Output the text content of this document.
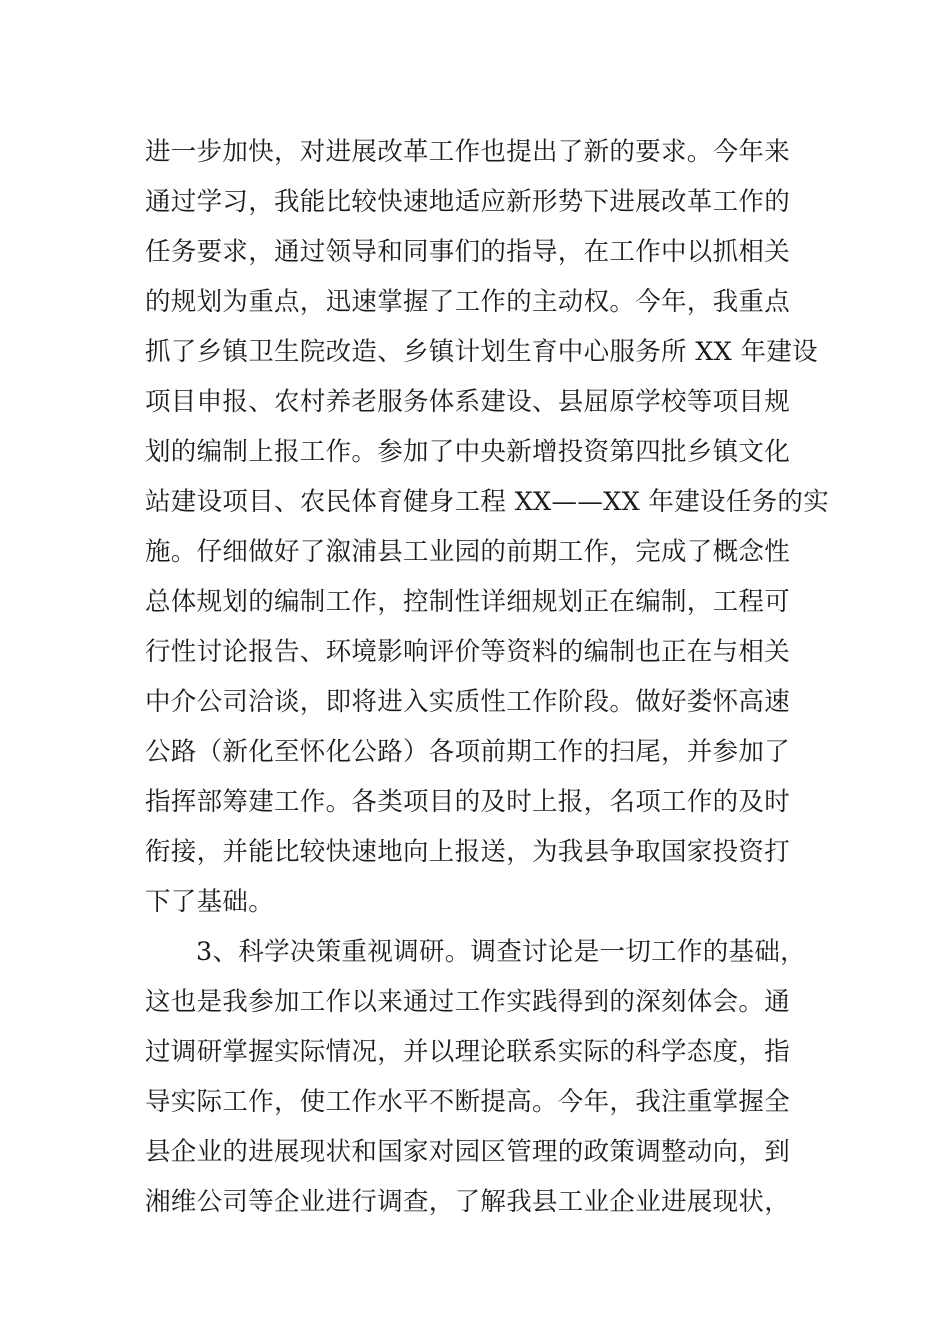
进一步加快，对进展改革工作也提出了新的要求。今年来
通过学习，我能比较快速地适应新形势下进展改革工作的
任务要求，通过领导和同事们的指导，在工作中以抓相关
的规划为重点，迅速掌握了工作的主动权。今年，我重点
抓了乡镇卫生院改造、乡镇计划生育中心服务所 XX 年建设
项目申报、农村养老服务体系建设、县屈原学校等项目规
划的编制上报工作。参加了中央新增投资第四批乡镇文化
站建设项目、农民体育健身工程 XX——XX 年建设任务的实
施。仔细做好了溆浦县工业园的前期工作，完成了概念性
总体规划的编制工作，控制性详细规划正在编制，工程可
行性讨论报告、环境影响评价等资料的编制也正在与相关
中介公司洽谈，即将进入实质性工作阶段。做好娄怀高速
公路（新化至怀化公路）各项前期工作的扫尾，并参加了
指挥部筹建工作。各类项目的及时上报，名项工作的及时
衔接，并能比较快速地向上报送，为我县争取国家投资打
下了基础。
3、科学决策重视调研。调查讨论是一切工作的基础，
这也是我参加工作以来通过工作实践得到的深刻体会。通
过调研掌握实际情况，并以理论联系实际的科学态度，指
导实际工作，使工作水平不断提高。今年，我注重掌握全
县企业的进展现状和国家对园区管理的政策调整动向，到
湘维公司等企业进行调查，了解我县工业企业进展现状，
